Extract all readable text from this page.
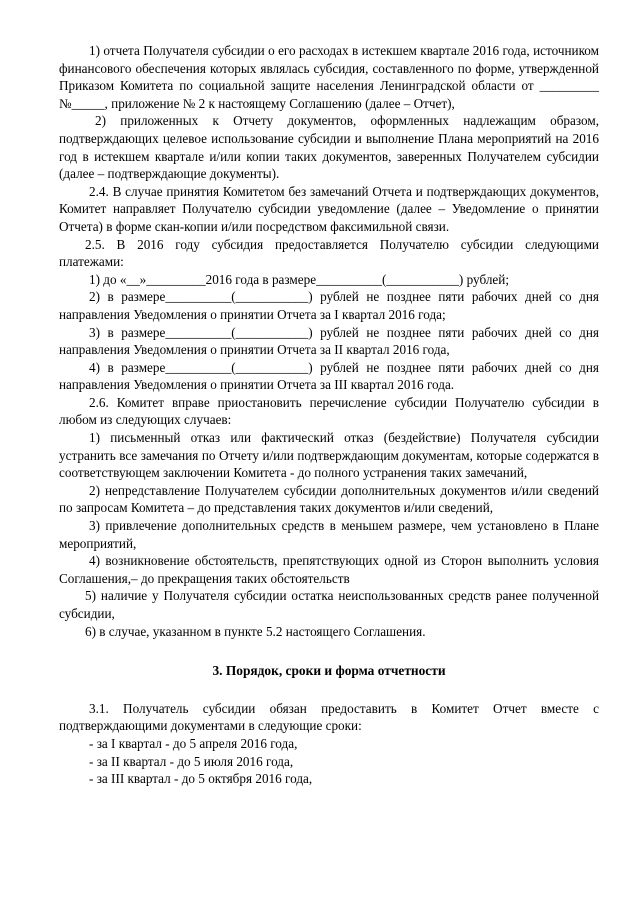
1) отчета Получателя субсидии о его расходах в истекшем квартале 2016 года, источником финансового обеспечения которых являлась субсидия, составленного по форме, утвержденной Приказом Комитета по социальной защите населения Ленинградской области от _________ №_____, приложение № 2 к настоящему Соглашению (далее – Отчет),

2) приложенных к Отчету документов, оформленных надлежащим образом, подтверждающих целевое использование субсидии и выполнение Плана мероприятий на 2016 год в истекшем квартале и/или копии таких документов, заверенных Получателем субсидии (далее – подтверждающие документы).

2.4. В случае принятия Комитетом без замечаний Отчета и подтверждающих документов, Комитет направляет Получателю субсидии уведомление (далее – Уведомление о принятии Отчета) в форме скан-копии и/или посредством факсимильной связи.

2.5. В 2016 году субсидия предоставляется Получателю субсидии следующими платежами:

1) до «__»_________2016 года в размере__________(___________) рублей;

2) в размере__________(___________) рублей не позднее пяти рабочих дней со дня направления Уведомления о принятии Отчета за I квартал 2016 года;

3) в размере__________(___________) рублей не позднее пяти рабочих дней со дня направления Уведомления о принятии Отчета за II квартал 2016 года,

4) в размере__________(___________) рублей не позднее пяти рабочих дней со дня направления Уведомления о принятии Отчета за III квартал 2016 года.

2.6. Комитет вправе приостановить перечисление субсидии Получателю субсидии в любом из следующих случаев:

1) письменный отказ или фактический отказ (бездействие) Получателя субсидии устранить все замечания по Отчету и/или подтверждающим документам, которые содержатся в соответствующем заключении Комитета - до полного устранения таких замечаний,

2) непредставление Получателем субсидии дополнительных документов и/или сведений по запросам Комитета – до представления таких документов и/или сведений,

3) привлечение дополнительных средств в меньшем размере, чем установлено в Плане мероприятий,

4) возникновение обстоятельств, препятствующих одной из Сторон выполнить условия Соглашения,– до прекращения таких обстоятельств

5) наличие у Получателя субсидии остатка неиспользованных средств ранее полученной субсидии,

6) в случае, указанном в пункте 5.2 настоящего Соглашения.

3. Порядок, сроки и форма отчетности

3.1. Получатель субсидии обязан предоставить в Комитет Отчет вместе с подтверждающими документами в следующие сроки:

- за I квартал - до 5 апреля 2016 года,
- за II квартал - до 5 июля 2016 года,
- за III квартал - до 5 октября 2016 года,
